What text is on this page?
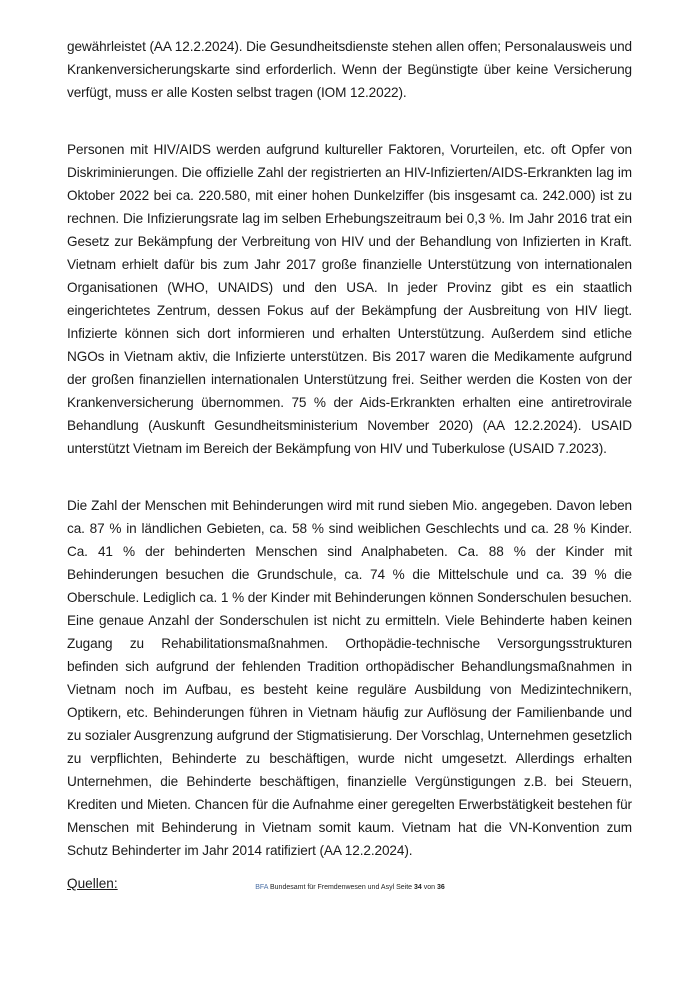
gewährleistet (AA 12.2.2024). Die Gesundheitsdienste stehen allen offen; Personalausweis und Krankenversicherungskarte sind erforderlich. Wenn der Begünstigte über keine Versicherung verfügt, muss er alle Kosten selbst tragen (IOM 12.2022).

Personen mit HIV/AIDS werden aufgrund kultureller Faktoren, Vorurteilen, etc. oft Opfer von Diskriminierungen. Die offizielle Zahl der registrierten an HIV-Infizierten/AIDS-Erkrankten lag im Oktober 2022 bei ca. 220.580, mit einer hohen Dunkelziffer (bis insgesamt ca. 242.000) ist zu rechnen. Die Infizierungsrate lag im selben Erhebungszeitraum bei 0,3 %. Im Jahr 2016 trat ein Gesetz zur Bekämpfung der Verbreitung von HIV und der Behandlung von Infizierten in Kraft. Vietnam erhielt dafür bis zum Jahr 2017 große finanzielle Unterstützung von internationalen Organisationen (WHO, UNAIDS) und den USA. In jeder Provinz gibt es ein staatlich eingerichtetes Zentrum, dessen Fokus auf der Bekämpfung der Ausbreitung von HIV liegt. Infizierte können sich dort informieren und erhalten Unterstützung. Außerdem sind etliche NGOs in Vietnam aktiv, die Infizierte unterstützen. Bis 2017 waren die Medikamente aufgrund der großen finanziellen internationalen Unterstützung frei. Seither werden die Kosten von der Krankenversicherung übernommen. 75 % der Aids-Erkrankten erhalten eine antiretrovirale Behandlung (Auskunft Gesundheitsministerium November 2020) (AA 12.2.2024). USAID unterstützt Vietnam im Bereich der Bekämpfung von HIV und Tuberkulose (USAID 7.2023).

Die Zahl der Menschen mit Behinderungen wird mit rund sieben Mio. angegeben. Davon leben ca. 87 % in ländlichen Gebieten, ca. 58 % sind weiblichen Geschlechts und ca. 28 % Kinder. Ca. 41 % der behinderten Menschen sind Analphabeten. Ca. 88 % der Kinder mit Behinderungen besuchen die Grundschule, ca. 74 % die Mittelschule und ca. 39 % die Oberschule. Lediglich ca. 1 % der Kinder mit Behinderungen können Sonderschulen besuchen. Eine genaue Anzahl der Sonderschulen ist nicht zu ermitteln. Viele Behinderte haben keinen Zugang zu Rehabilitationsmaßnahmen. Orthopädie-technische Versorgungsstrukturen befinden sich aufgrund der fehlenden Tradition orthopädischer Behandlungsmaßnahmen in Vietnam noch im Aufbau, es besteht keine reguläre Ausbildung von Medizintechnikern, Optikern, etc. Behinderungen führen in Vietnam häufig zur Auflösung der Familienbande und zu sozialer Ausgrenzung aufgrund der Stigmatisierung. Der Vorschlag, Unternehmen gesetzlich zu verpflichten, Behinderte zu beschäftigen, wurde nicht umgesetzt. Allerdings erhalten Unternehmen, die Behinderte beschäftigen, finanzielle Vergünstigungen z.B. bei Steuern, Krediten und Mieten. Chancen für die Aufnahme einer geregelten Erwerbstätigkeit bestehen für Menschen mit Behinderung in Vietnam somit kaum. Vietnam hat die VN-Konvention zum Schutz Behinderter im Jahr 2014 ratifiziert (AA 12.2.2024).

Quellen:	BFA Bundesamt für Fremdenwesen und Asyl Seite 34 von 36
